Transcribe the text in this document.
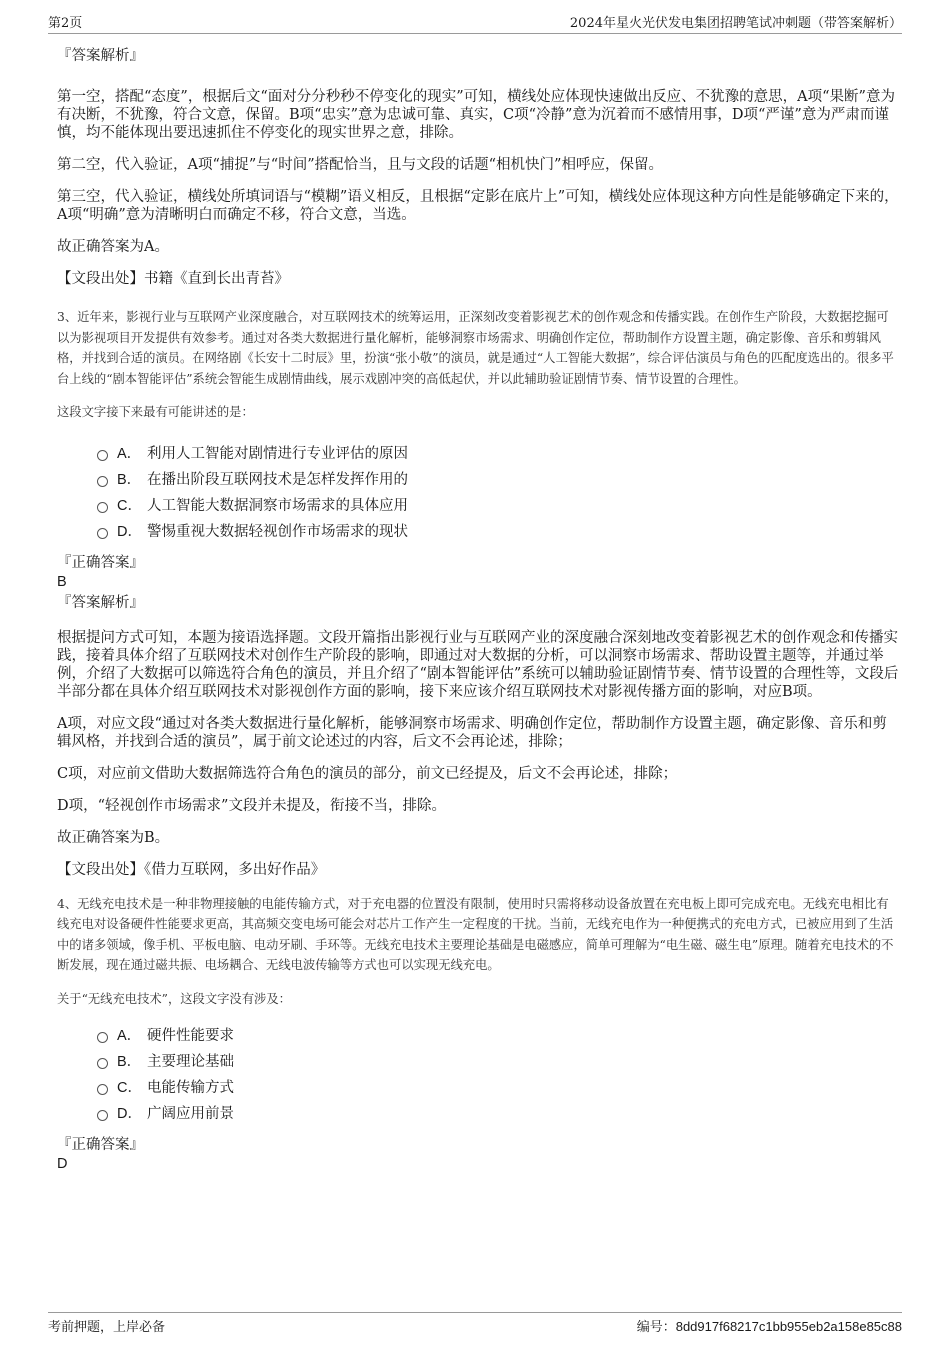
第2页	2024年星火光伏发电集团招聘笔试冲刺题（带答案解析）

『答案解析』

第一空，搭配“态度”，根据后文“面对分分秒秒不停变化的现实”可知，横线处应体现快速做出反应、不犹豫的意思，A项“果断”意为有决断，不犹豫，符合文意，保留。B项“忠实”意为忠诚可靠、真实，C项“冷静”意为沉着而不感情用事，D项“严谨”意为严肃而谨慎，均不能体现出要迅速抓住不停变化的现实世界之意，排除。

第二空，代入验证，A项“捕捉”与“时间”搭配恰当，且与文段的话题“相机快门”相呼应，保留。

第三空，代入验证，横线处所填词语与“模糊”语义相反，且根据“定影在底片上”可知，横线处应体现这种方向性是能够确定下来的，A项“明确”意为清晰明白而确定不移，符合文意，当选。

故正确答案为A。

【文段出处】书籍《直到长出青苔》

3、近年来，影视行业与互联网产业深度融合，对互联网技术的统筹运用，正深刻改变着影视艺术的创作观念和传播实践。在创作生产阶段，大数据挖掘可以为影视项目开发提供有效参考。通过对各类大数据进行量化解析，能够洞察市场需求、明确创作定位，帮助制作方设置主题，确定影像、音乐和剪辑风格，并找到合适的演员。在网络剧《长安十二时辰》里，扮演“张小敬”的演员，就是通过“人工智能大数据”，综合评估演员与角色的匹配度选出的。很多平台上线的“剧本智能评估”系统会智能生成剧情曲线，展示戏剧冲突的高低起伏，并以此辅助验证剧情节奏、情节设置的合理性。

这段文字接下来最有可能讲述的是：

A． 利用人工智能对剧情进行专业评估的原因
B． 在播出阶段互联网技术是怎样发挥作用的
C． 人工智能大数据洞察市场需求的具体应用
D． 警惕重视大数据轻视创作市场需求的现状

『正确答案』

B

『答案解析』

根据提问方式可知，本题为接语选择题。文段开篇指出影视行业与互联网产业的深度融合深刻地改变着影视艺术的创作观念和传播实践，接着具体介绍了互联网技术对创作生产阶段的影响，即通过对大数据的分析，可以洞察市场需求、帮助设置主题等，并通过举例，介绍了大数据可以筛选符合角色的演员，并且介绍了“剧本智能评估”系统可以辅助验证剧情节奏、情节设置的合理性等，文段后半部分都在具体介绍互联网技术对影视创作方面的影响，接下来应该介绍互联网技术对影视传播方面的影响，对应B项。

A项，对应文段“通过对各类大数据进行量化解析，能够洞察市场需求、明确创作定位，帮助制作方设置主题，确定影像、音乐和剪辑风格，并找到合适的演员”，属于前文论述过的内容，后文不会再论述，排除；

C项，对应前文借助大数据筛选符合角色的演员的部分，前文已经提及，后文不会再论述，排除；

D项，“轻视创作市场需求”文段并未提及，衔接不当，排除。

故正确答案为B。

【文段出处】《借力互联网，多出好作品》

4、无线充电技术是一种非物理接触的电能传输方式，对于充电器的位置没有限制，使用时只需将移动设备放置在充电板上即可完成充电。无线充电相比有线充电对设备硬件性能要求更高，其高频交变电场可能会对芯片工作产生一定程度的干扰。当前，无线充电作为一种便携式的充电方式，已被应用到了生活中的诸多领域，像手机、平板电脑、电动牙刷、手环等。无线充电技术主要理论基础是电磁感应，简单可理解为“电生磁、磁生电”原理。随着充电技术的不断发展，现在通过磁共振、电场耦合、无线电波传输等方式也可以实现无线充电。

关于“无线充电技术”，这段文字没有涉及：

A． 硬件性能要求
B． 主要理论基础
C． 电能传输方式
D． 广阔应用前景

『正确答案』

D

考前押题，上岸必备	编号：8dd917f68217c1bb955eb2a158e85c88
